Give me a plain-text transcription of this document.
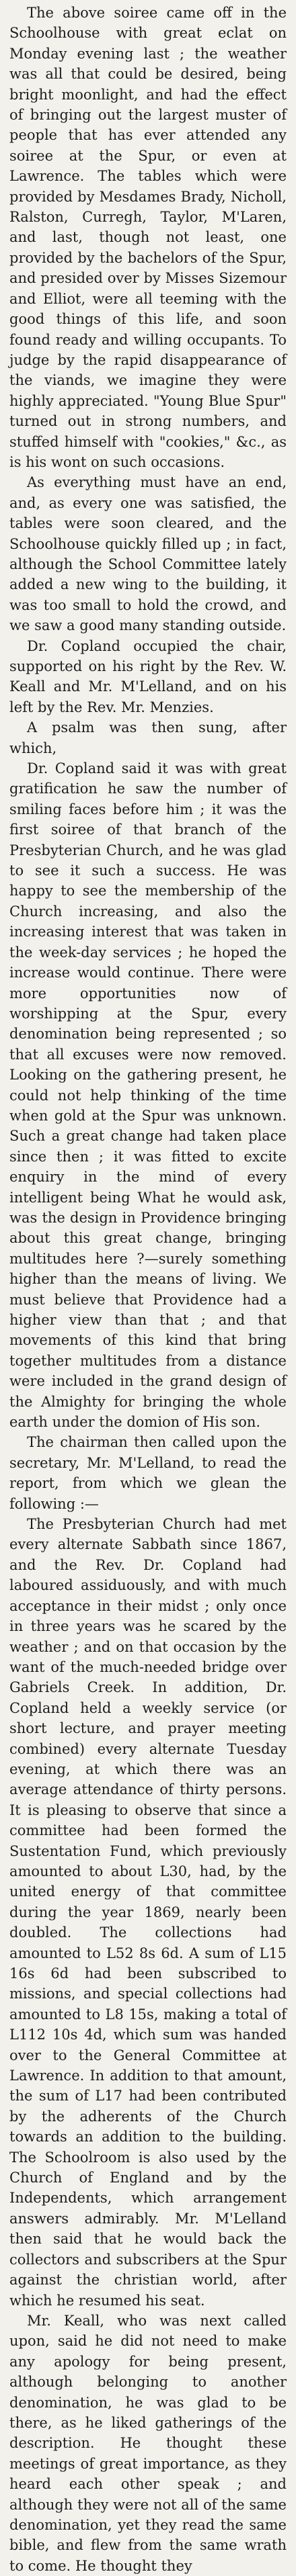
The above soiree came off in the Schoolhouse with great eclat on Monday evening last ; the weather was all that could be desired, being bright moonlight, and had the effect of bringing out the largest muster of people that has ever attended any soiree at the Spur, or even at Lawrence. The tables which were provided by Mesdames Brady, Nicholl, Ralston, Curregh, Taylor, M'Laren, and last, though not least, one provided by the bachelors of the Spur, and presided over by Misses Sizemour and Elliot, were all teeming with the good things of this life, and soon found ready and willing occupants. To judge by the rapid disappearance of the viands, we imagine they were highly appreciated. "Young Blue Spur" turned out in strong numbers, and stuffed himself with "cookies," &c., as is his wont on such occasions.

As everything must have an end, and, as every one was satisfied, the tables were soon cleared, and the Schoolhouse quickly filled up ; in fact, although the School Committee lately added a new wing to the building, it was too small to hold the crowd, and we saw a good many standing outside.

Dr. Copland occupied the chair, supported on his right by the Rev. W. Keall and Mr. M'Lelland, and on his left by the Rev. Mr. Menzies.

A psalm was then sung, after which,

Dr. Copland said it was with great gratification he saw the number of smiling faces before him ; it was the first soiree of that branch of the Presbyterian Church, and he was glad to see it such a success. He was happy to see the membership of the Church increasing, and also the increasing interest that was taken in the week-day services ; he hoped the increase would continue. There were more opportunities now of worshipping at the Spur, every denomination being represented ; so that all excuses were now removed. Looking on the gathering present, he could not help thinking of the time when gold at the Spur was unknown. Such a great change had taken place since then ; it was fitted to excite enquiry in the mind of every intelligent being What he would ask, was the design in Providence bringing about this great change, bringing multitudes here ?—surely something higher than the means of living. We must believe that Providence had a higher view than that ; and that movements of this kind that bring together multitudes from a distance were included in the grand design of the Almighty for bringing the whole earth under the domion of His son.

The chairman then called upon the secretary, Mr. M'Lelland, to read the report, from which we glean the following :—

The Presbyterian Church had met every alternate Sabbath since 1867, and the Rev. Dr. Copland had laboured assiduously, and with much acceptance in their midst ; only once in three years was he scared by the weather ; and on that occasion by the want of the much-needed bridge over Gabriels Creek. In addition, Dr. Copland held a weekly service (or short lecture, and prayer meeting combined) every alternate Tuesday evening, at which there was an average attendance of thirty persons. It is pleasing to observe that since a committee had been formed the Sustentation Fund, which previously amounted to about L30, had, by the united energy of that committee during the year 1869, nearly been doubled. The collections had amounted to L52 8s 6d. A sum of L15 16s 6d had been subscribed to missions, and special collections had amounted to L8 15s, making a total of L112 10s 4d, which sum was handed over to the General Committee at Lawrence. In addition to that amount, the sum of L17 had been contributed by the adherents of the Church towards an addition to the building. The Schoolroom is also used by the Church of England and by the Independents, which arrangement answers admirably. Mr. M'Lelland then said that he would back the collectors and subscribers at the Spur against the christian world, after which he resumed his seat.

Mr. Keall, who was next called upon, said he did not need to make any apology for being present, although belonging to another denomination, he was glad to be there, as he liked gatherings of the description. He thought these meetings of great importance, as they heard each other speak ; and although they were not all of the same denomination, yet they read the same bible, and flew from the same wrath to come. He thought they
